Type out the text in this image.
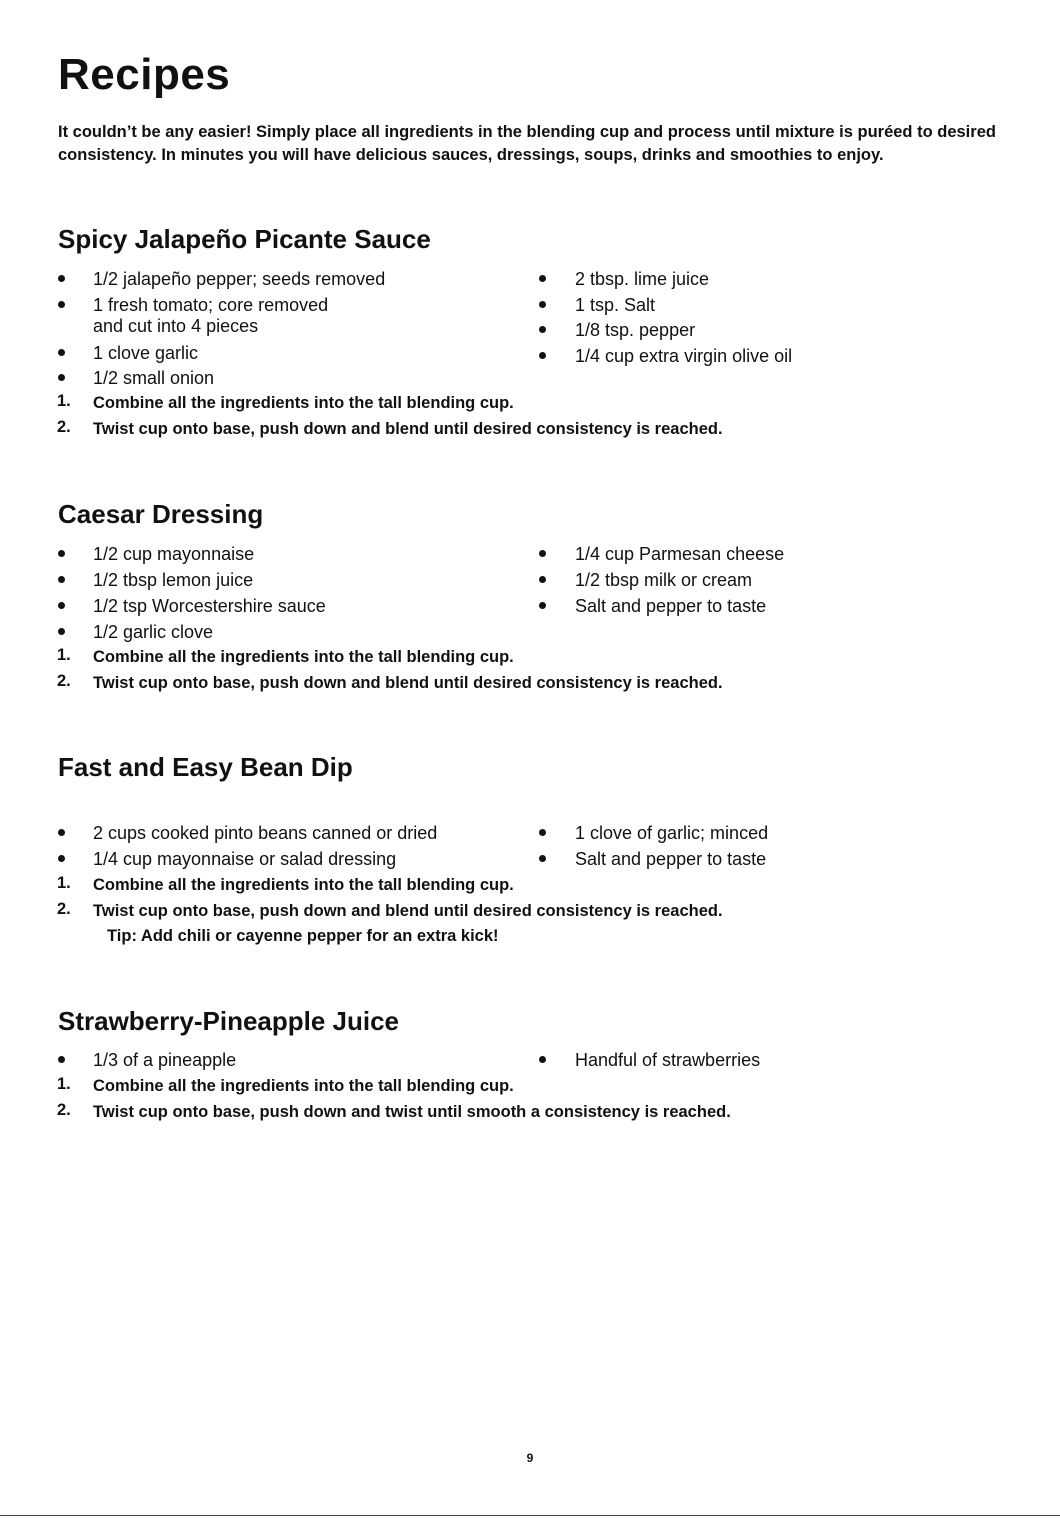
Recipes
It couldn’t be any easier! Simply place all ingredients in the blending cup and process until mixture is puréed to desired consistency. In minutes you will have delicious sauces, dressings, soups, drinks and smoothies to enjoy.
Spicy Jalapeño Picante Sauce
1/2 jalapeño pepper; seeds removed
1 fresh tomato; core removed
and cut into 4 pieces
1 clove garlic
1/2 small onion
2 tbsp. lime juice
1 tsp. Salt
1/8 tsp. pepper
1/4 cup extra virgin olive oil
1. Combine all the ingredients into the tall blending cup.
2. Twist cup onto base, push down and blend until desired consistency is reached.
Caesar Dressing
1/2 cup mayonnaise
1/2 tbsp lemon juice
1/2 tsp Worcestershire sauce
1/2 garlic clove
1/4 cup Parmesan cheese
1/2 tbsp milk or cream
Salt and pepper to taste
1. Combine all the ingredients into the tall blending cup.
2. Twist cup onto base, push down and blend until desired consistency is reached.
Fast and Easy Bean Dip
2 cups cooked pinto beans canned or dried
1/4 cup mayonnaise or salad dressing
1 clove of garlic; minced
Salt and pepper to taste
1. Combine all the ingredients into the tall blending cup.
2. Twist cup onto base, push down and blend until desired consistency is reached.
Tip: Add chili or cayenne pepper for an extra kick!
Strawberry-Pineapple Juice
1/3 of a pineapple	Handful of strawberries
1. Combine all the ingredients into the tall blending cup.
2. Twist cup onto base, push down and twist until smooth a consistency is reached.
9
